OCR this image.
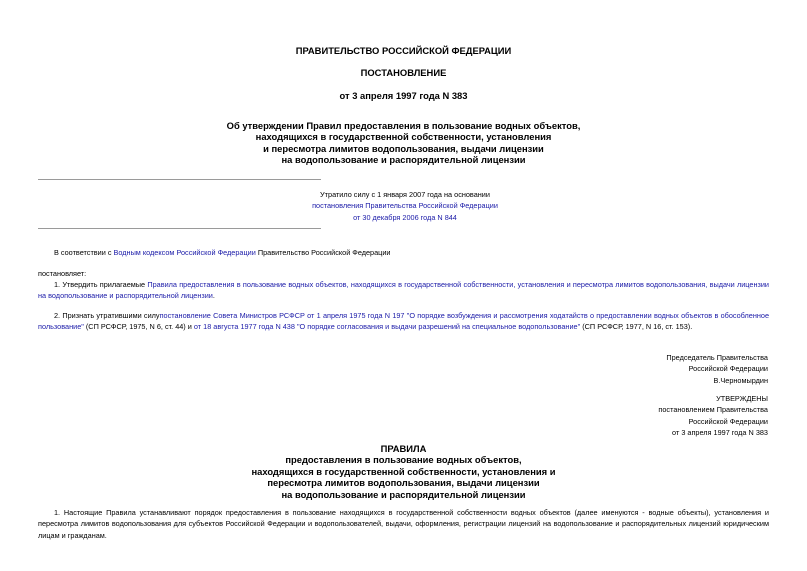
ПРАВИТЕЛЬСТВО РОССИЙСКОЙ ФЕДЕРАЦИИ
ПОСТАНОВЛЕНИЕ
от 3 апреля 1997 года N 383
Об утверждении Правил предоставления в пользование водных объектов,
находящихся в государственной собственности, установления
и пересмотра лимитов водопользования, выдачи лицензии
на водопользование и распорядительной лицензии
Утратило силу с 1 января 2007 года на основании
постановления Правительства Российской Федерации
от 30 декабря 2006 года N 844
В соответствии с Водным кодексом Российской Федерации Правительство Российской Федерации
постановляет:
1. Утвердить прилагаемые Правила предоставления в пользование водных объектов, находящихся в государственной собственности, установления и пересмотра лимитов водопользования, выдачи лицензии на водопользование и распорядительной лицензии.
2. Признать утратившими силупостановление Совета Министров РСФСР от 1 апреля 1975 года N 197 "О порядке возбуждения и рассмотрения ходатайств о предоставлении водных объектов в обособленное пользование" (СП РСФСР, 1975, N 6, ст. 44) и от 18 августа 1977 года N 438 "О порядке согласования и выдачи разрешений на специальное водопользование" (СП РСФСР, 1977, N 16, ст. 153).
Председатель Правительства
Российской Федерации
В.Черномырдин
УТВЕРЖДЕНЫ
постановлением Правительства
Российской Федерации
от 3 апреля 1997 года N 383
ПРАВИЛА
предоставления в пользование водных объектов,
находящихся в государственной собственности, установления и
пересмотра лимитов водопользования, выдачи лицензии
на водопользование и распорядительной лицензии
1. Настоящие Правила устанавливают порядок предоставления в пользование находящихся в государственной собственности водных объектов (далее именуются - водные объекты), установления и пересмотра лимитов водопользования для субъектов Российской Федерации и водопользователей, выдачи, оформления, регистрации лицензий на водопользование и распорядительных лицензий юридическим лицам и гражданам.
